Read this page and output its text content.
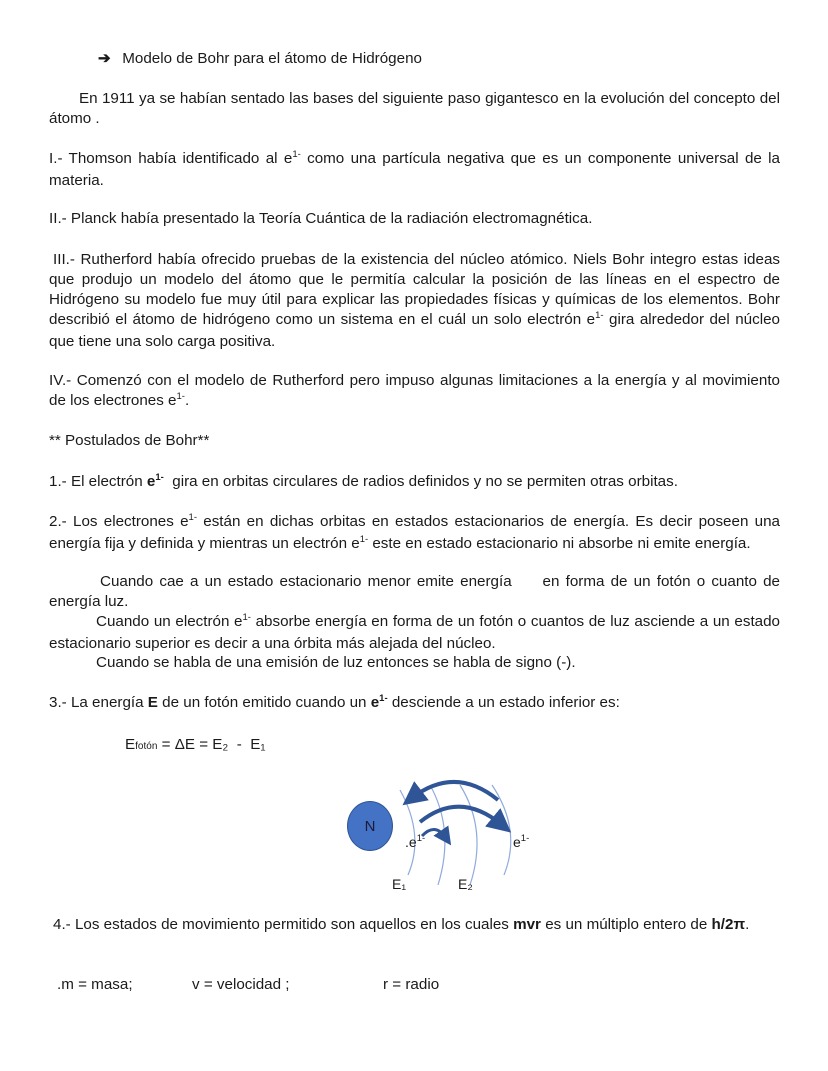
➔ Modelo de Bohr para el átomo de Hidrógeno
En 1911 ya se habían sentado las bases del siguiente paso gigantesco en la evolución del concepto del átomo .
I.- Thomson había identificado al $e^{1-}$ como una partícula negativa que es un componente universal de la materia.
II.- Planck había presentado la Teoría Cuántica de la radiación electromagnética.
III.- Rutherford había ofrecido pruebas de la existencia del núcleo atómico. Niels Bohr integro estas ideas que produjo un modelo del átomo que le permitía calcular la posición de las líneas en el espectro de Hidrógeno su modelo fue muy útil para explicar las propiedades físicas y químicas de los elementos. Bohr describió el átomo de hidrógeno como un sistema en el cuál un solo electrón $e^{1-}$ gira alrededor del núcleo que tiene una solo carga positiva.
IV.- Comenzó con el modelo de Rutherford pero impuso algunas limitaciones a la energía y al movimiento de los electrones $e^{1-}$.
** Postulados de Bohr**
1.- El electrón $e^{1-}$  gira en orbitas circulares de radios definidos y no se permiten otras orbitas.
2.- Los electrones $e^{1-}$ están en dichas orbitas en estados estacionarios de energía. Es decir poseen una energía fija y definida y mientras un electrón $e^{1-}$ este en estado estacionario ni absorbe ni emite energía.
Cuando cae a un estado estacionario menor emite energía     en forma de un fotón o cuanto de energía luz.
Cuando un electrón $e^{1-}$ absorbe energía en forma de un fotón o cuantos de luz asciende a un estado estacionario superior es decir a una órbita más alejada del núcleo.
Cuando se habla de una emisión de luz entonces se habla de signo (-).
3.- La energía E de un fotón emitido cuando un $e^{1-}$ desciende a un estado inferior es:
Efotón = ΔE = E₂  -  E₁
N
$.e^{1-}$	$e^{1-}$
E₁	E₂
4.- Los estados de movimiento permitido son aquellos en los cuales mvr es un múltiplo entero de h/2π.
.m = masa;	v = velocidad ;	r = radio
